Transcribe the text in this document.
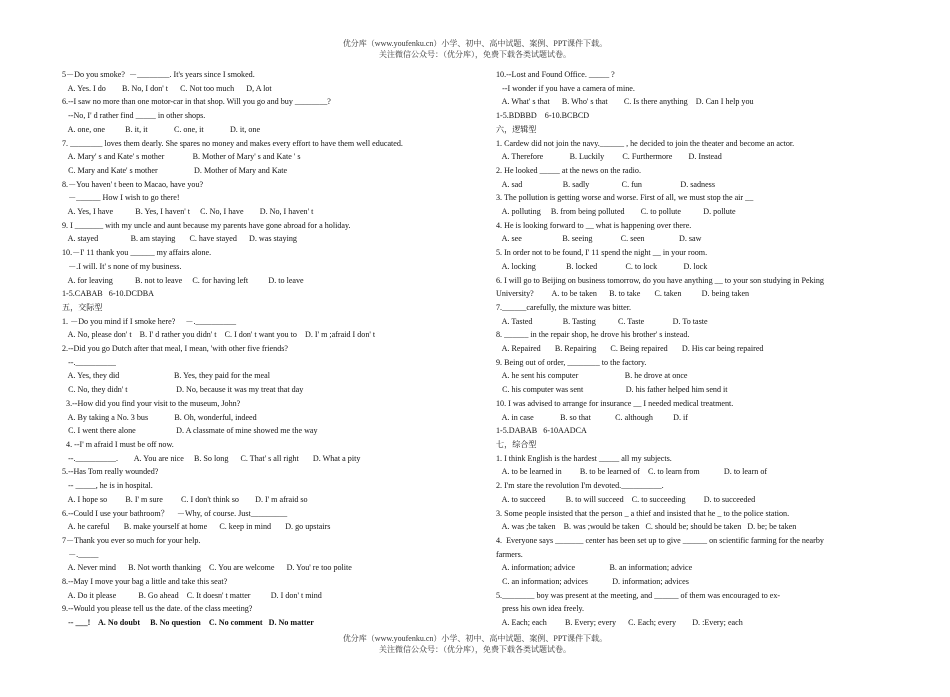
优分库（www.youfenku.cn）小学、初中、高中试题、案例、PPT课件下载。
关注微信公众号：（优分库），免费下载各类试题试卷。
5－Do you smoke?  －________. It's years since I smoked.
A. Yes. I do        B. No, I don' t      C. Not too much      D, A lot
6.--I saw no more than one motor-car in that shop. Will you go and buy ________?
--No, I' d rather find _____ in other shops.
A. one, one          B. it, it             C. one, it             D. it, one
7. ________ loves them dearly. She spares no money and makes every effort to have them well educated.
A. Mary' s and Kate' s mother              B. Mother of Mary' s and Kate ' s
C. Mary and Kate' s mother                  D. Mother of Mary and Kate
8.－You haven' t been to Macao, have you?
－______ How I wish to go there!
A. Yes, I have           B. Yes, I haven' t     C. No, I have        D. No, I haven' t
9. I _______ with my uncle and aunt because my parents have gone abroad for a holiday.
A. stayed                B. am staying       C. have stayed      D. was staying
10.－I' 11 thank you ______ my affairs alone.
－.I will. It' s none of my business.
A. for leaving           B. not to leave     C. for having left          D. to leave
1-5.CABAB   6-10.DCDBA
五，交际型
1. －Do you mind if I smoke here?     －.__________
A. No, please don' t    B. I' d rather you didn' t    C. I don' t want you to    D. I' m ;afraid I don' t
2.--Did you go Dutch after that meal, I mean, 'with other five friends?
--.__________
A. Yes, they did                           B. Yes, they paid for the meal
C. No, they didn' t                        D. No, because it was my treat that day
3.--How did you find your visit to the museum, John?
A. By taking a No. 3 bus             B. Oh, wonderful, indeed
C. I went there alone                    D. A classmate of mine showed me the way
4. --I' m afraid I must be off now.
--.__________.        A. You are nice     B. So long      C. That' s all right       D. What a pity
5.--Has Tom really wounded?
-- _____, he is in hospital.
A. I hope so         B. I' m sure         C. I don't think so        D. I' m afraid so
6.--Could I use your bathroom？    －Why, of course. Just_________
A. he careful       B. make yourself at home      C. keep in mind       D. go upstairs
7－Thank you ever so much for your help.
－._____
A. Never mind      B. Not worth thanking    C. You are welcome      D. You' re too polite
8.--May I move your bag a little and take this seat?
A. Do it please           B. Go ahead    C. It doesn' t matter          D. I don' t mind
9.--Would you please tell us the date. of the class meeting?
-- ___!    A. No doubt     B. No question    C. No comment   D. No matter
10.--Lost and Found Office. _____ ?
--I wonder if you have a camera of mine.
A. What' s that      B. Who' s that        C. Is there anything    D. Can I help you
1-5.BDBBD    6-10.BCBCD
六，逻辑型
1. Cardew did not join the navy.______ , he decided to join the theater and become an actor.
A. Therefore             B. Luckily         C. Furthermore        D. Instead
2. He looked _____ at the news on the radio.
A. sad                    B. sadly                C. fun                   D. sadness
3. The pollution is getting worse and worse. First of all, we must stop the air __
A. polluting     B. from being polluted        C. to pollute           D. pollute
4. He is looking forward to __ what is happening over there.
A. see                    B. seeing              C. seen                 D. saw
5. In order not to be found, I' 11 spend the night __ in your room.
A. locking               B. locked              C. to lock             D. lock
6. I will go to Beijing on business tomorrow, do you have anything __ to your son studying in Peking
University?         A. to be taken      B. to take       C. taken          D. being taken
7.______carefully, the mixture was bitter.
A. Tasted               B. Tasting           C. Taste              D. To taste
8. ______ in the repair shop, he drove his brother' s instead.
A. Repaired       B. Repairing       C. Being repaired       D. His car being repaired
9. Being out of order, ________ to the factory.
A. he sent his computer                       B. he drove at once
C. his computer was sent                     D. his father helped him send it
10. I was advised to arrange for insurance __ I needed medical treatment.
A. in case             B. so that            C. although          D. if
1-5.DABAB   6-10AADCA
七，综合型
1. I think English is the hardest _____ all my subjects.
A. to be learned in         B. to be learned of    C. to learn from            D. to learn of
2. I'm stare the revolution I'm devoted.__________.
A. to succeed          B. to will succeed    C. to succeeding         D. to succeeded
3. Some people insisted that the person _ a thief and insisted that he _ to the police station.
A. was ;be taken    B. was ;would be taken   C. should be; should be taken   D. be; be taken
4.  Everyone says _______ center has been set up to give ______ on scientific farming for the nearby
farmers.
A. information; advice                 B. an information; advice
C. an information; advices            D. information; advices
5.________ boy was present at the meeting, and ______ of them was encouraged to ex-
press his own idea freely.
A. Each; each         B. Every; every      C. Each; every        D. :Every; each
优分库（www.youfenku.cn）小学、初中、高中试题、案例、PPT课件下载。
关注微信公众号：（优分库），免费下载各类试题试卷。
